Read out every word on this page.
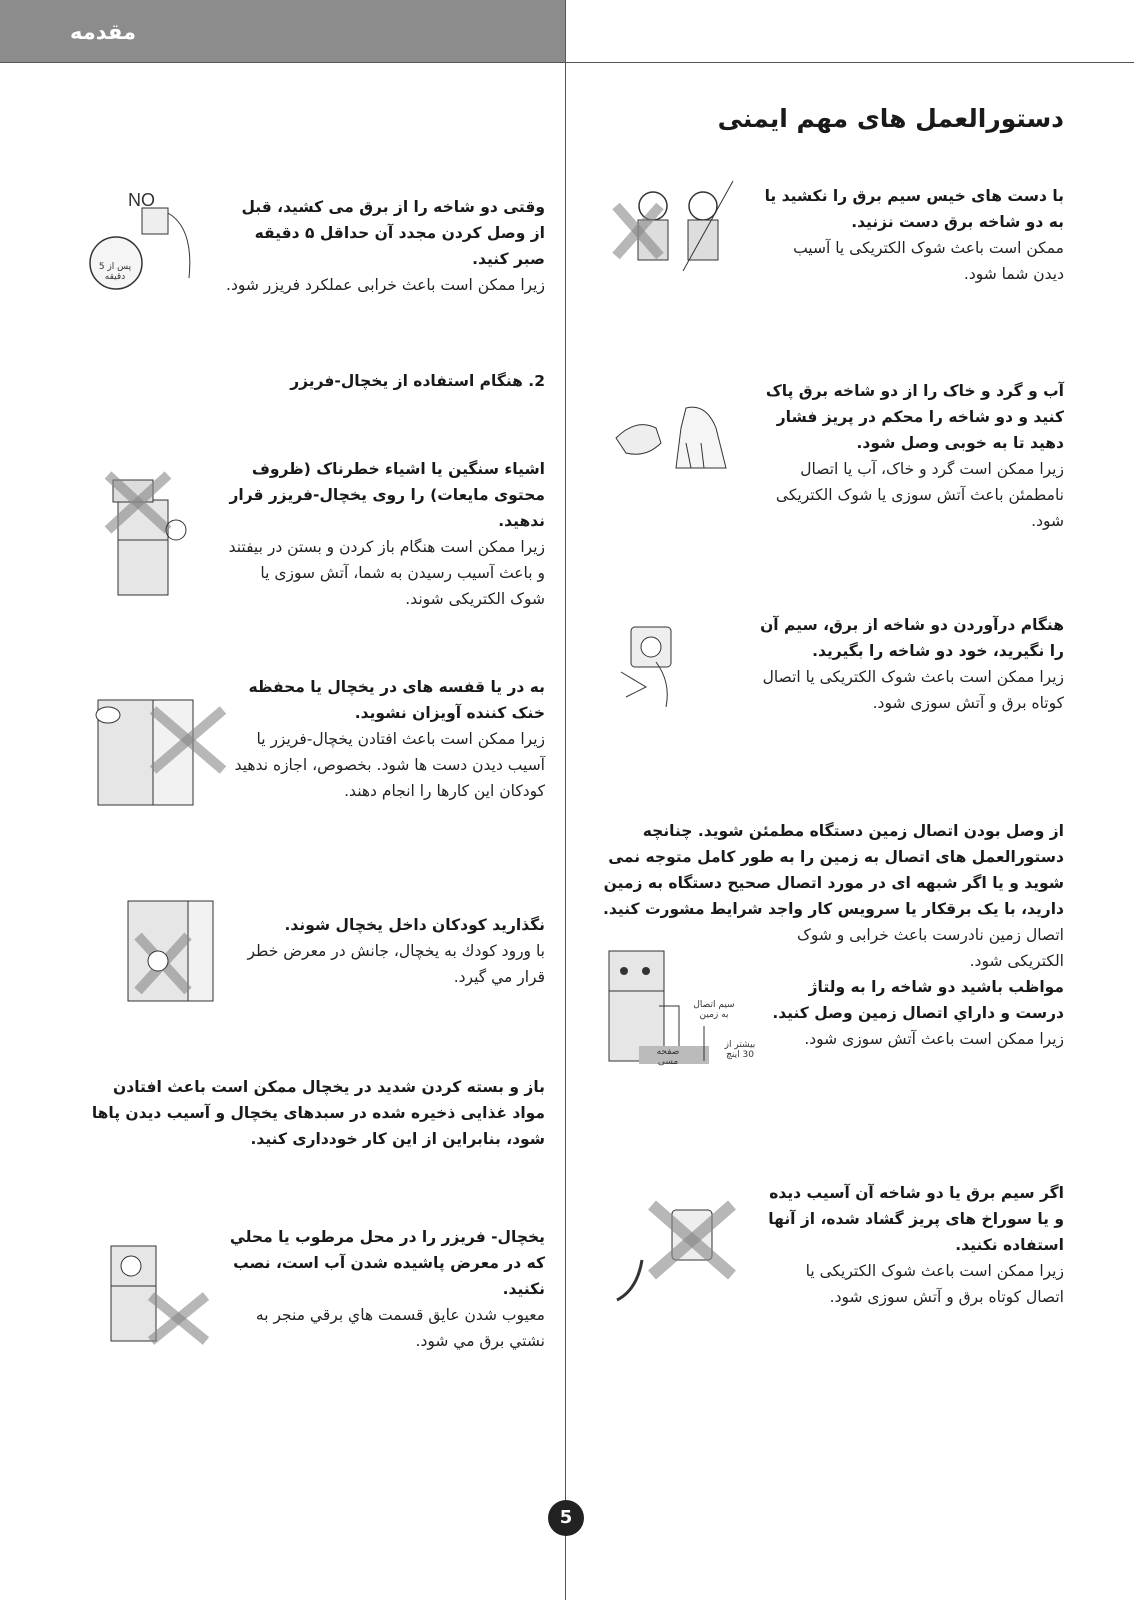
مقدمه
دستورالعمل های مهم ایمنی
با دست های خیس سیم برق را نکشید یا به دو شاخه برق دست نزنید.
ممکن است باعث شوک الکتریکی یا آسیب دیدن شما شود.
آب و گرد و خاک را از دو شاخه برق پاک کنید و دو شاخه را محکم در پریز فشار دهید تا به خوبی وصل شود.
زیرا ممکن است گرد و خاک، آب یا اتصال نامطمئن باعث آتش سوزی یا شوک الکتریکی شود.
هنگام درآوردن دو شاخه از برق، سیم آن را نگیرید، خود دو شاخه را بگیرید.
زیرا ممکن است باعث شوک الکتریکی یا اتصال کوتاه برق و آتش سوزی شود.
از وصل بودن اتصال زمین دستگاه مطمئن شوید. چنانچه دستورالعمل های اتصال به زمین را به طور کامل متوجه نمی شوید و یا اگر شبهه ای در مورد اتصال صحیح دستگاه به زمین دارید، با یک برقکار یا سرویس کار واجد شرایط مشورت کنید.
اتصال زمین نادرست باعث خرابی و شوک الکتریکی شود.
مواظب باشید دو شاخه را به ولتاژ درست و داراي اتصال زمین وصل کنید.
زیرا ممکن است باعث آتش سوزی شود.
سیم اتصال به زمین
صفحه مسی
بیشتر از 30 اینچ
اگر سیم برق یا دو شاخه آن آسیب دیده و یا سوراخ های پریز گشاد شده، از آنها استفاده نکنید.
زیرا ممکن است باعث شوک الکتریکی یا اتصال کوتاه برق و آتش سوزی شود.
وقتی دو شاخه را از برق می کشید، قبل از وصل کردن مجدد آن حداقل ۵ دقیقه صبر کنید.
زیرا ممکن است باعث خرابی عملکرد فریزر شود.
NO
پس از 5 دقیقه
2. هنگام استفاده از یخچال-فریزر
اشیاء سنگین یا اشیاء خطرناک (ظروف محتوی مایعات) را روی یخچال-فریزر قرار ندهید.
زیرا ممکن است هنگام باز کردن و بستن در بیفتند و باعث آسیب رسیدن به شما، آتش سوزی یا شوک الکتریکی شوند.
به در یا قفسه های در یخچال یا محفظه خنک کننده آویزان نشوید.
زیرا ممکن است باعث افتادن یخچال-فریزر یا آسیب دیدن دست ها شود. بخصوص، اجازه ندهید کودکان این کارها را انجام دهند.
نگذارید کودکان داخل یخچال شوند.
با ورود کودك به یخچال، جانش در معرض خطر قرار مي گيرد.
باز و بسته کردن شدید در یخچال ممکن است باعث افتادن مواد غذایی ذخیره شده در سبدهای یخچال و آسیب دیدن پاها شود، بنابراین از این کار خودداری کنید.
یخچال- فریزر را در محل مرطوب یا محلي که در معرض پاشیده شدن آب است، نصب نکنید.
معيوب شدن عايق قسمت هاي برقي منجر به نشتي برق مي شود.
5
